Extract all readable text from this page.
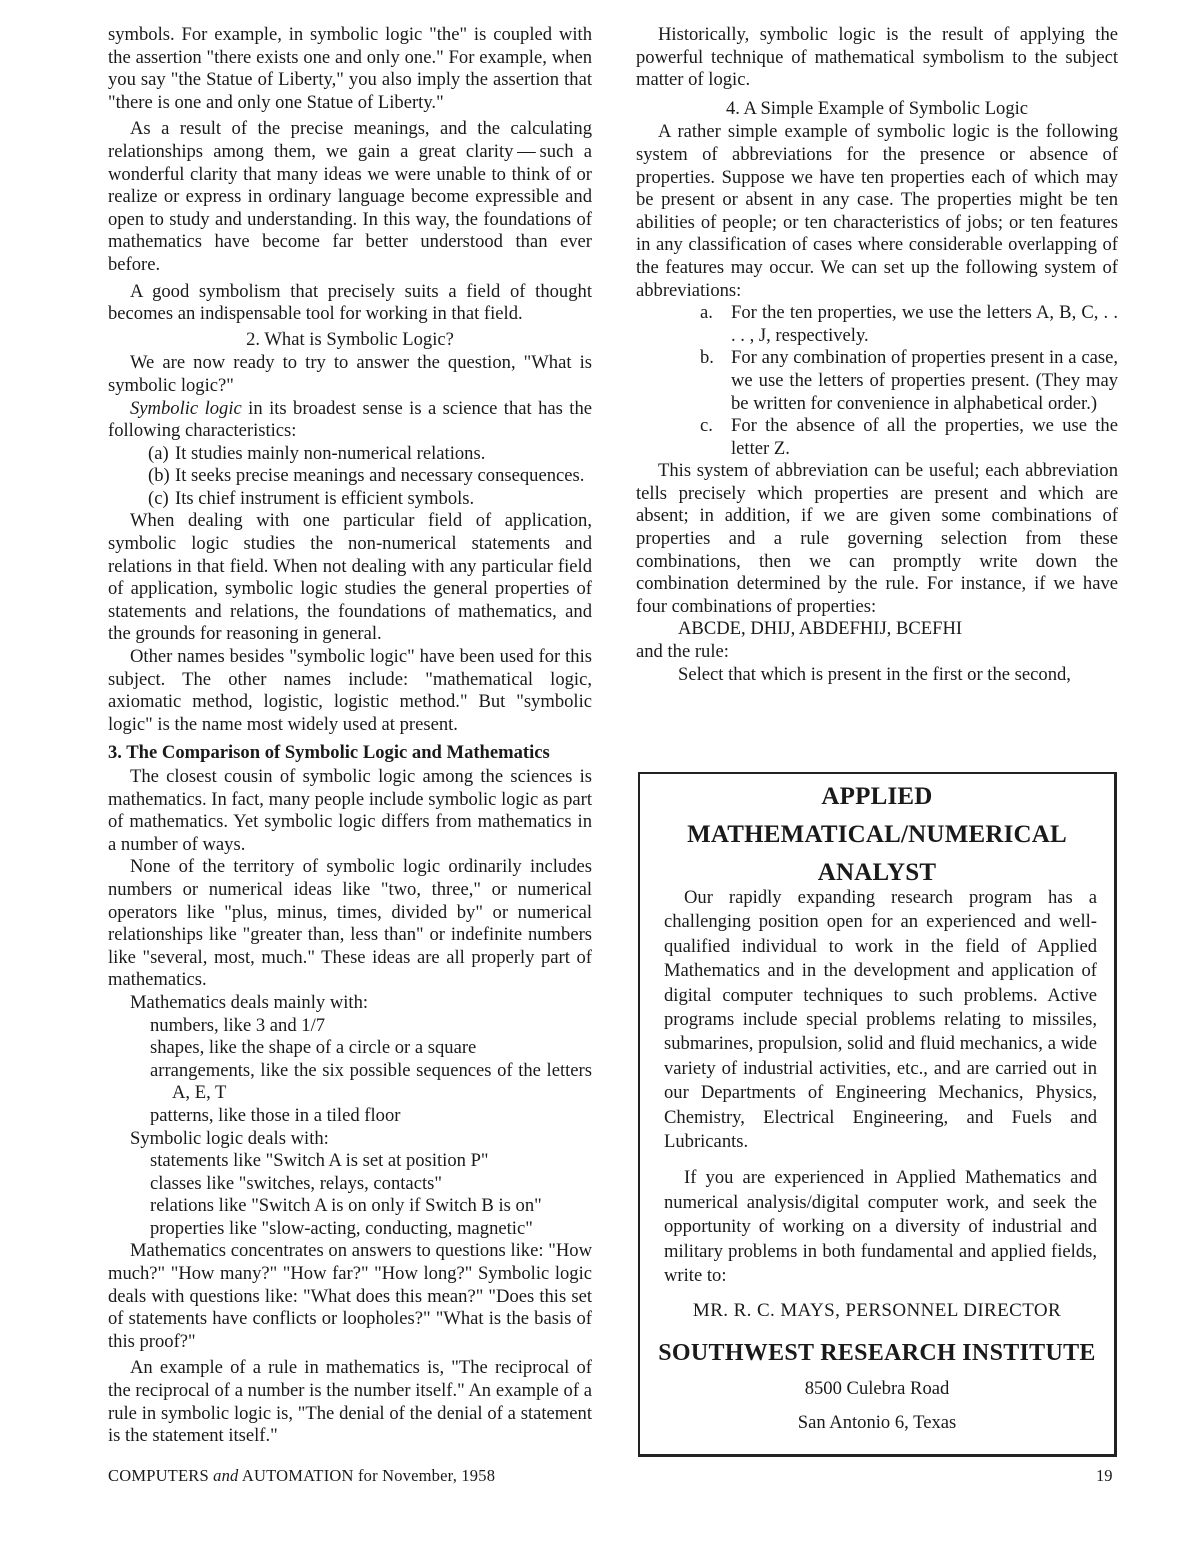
symbols. For example, in symbolic logic "the" is coupled with the assertion "there exists one and only one." For example, when you say "the Statue of Liberty," you also imply the assertion that "there is one and only one Statue of Liberty."

As a result of the precise meanings, and the calculating relationships among them, we gain a great clarity — such a wonderful clarity that many ideas we were unable to think of or realize or express in ordinary language become expressible and open to study and understanding. In this way, the foundations of mathematics have become far better understood than ever before.

A good symbolism that precisely suits a field of thought becomes an indispensable tool for working in that field.

2. What is Symbolic Logic?

We are now ready to try to answer the question, "What is symbolic logic?"

Symbolic logic in its broadest sense is a science that has the following characteristics:

(a) It studies mainly non-numerical relations.
(b) It seeks precise meanings and necessary consequences.
(c) Its chief instrument is efficient symbols.

When dealing with one particular field of application, symbolic logic studies the non-numerical statements and relations in that field. When not dealing with any particular field of application, symbolic logic studies the general properties of statements and relations, the foundations of mathematics, and the grounds for reasoning in general.

Other names besides "symbolic logic" have been used for this subject. The other names include: "mathematical logic, axiomatic method, logistic, logistic method." But "symbolic logic" is the name most widely used at present.

3. The Comparison of Symbolic Logic and Mathematics

The closest cousin of symbolic logic among the sciences is mathematics. In fact, many people include symbolic logic as part of mathematics. Yet symbolic logic differs from mathematics in a number of ways.

None of the territory of symbolic logic ordinarily includes numbers or numerical ideas like "two, three," or numerical operators like "plus, minus, times, divided by" or numerical relationships like "greater than, less than" or indefinite numbers like "several, most, much." These ideas are all properly part of mathematics.

Mathematics deals mainly with:
numbers, like 3 and 1/7
shapes, like the shape of a circle or a square
arrangements, like the six possible sequences of the letters A, E, T
patterns, like those in a tiled floor
Symbolic logic deals with:
statements like "Switch A is set at position P"
classes like "switches, relays, contacts"
relations like "Switch A is on only if Switch B is on"
properties like "slow-acting, conducting, magnetic"

Mathematics concentrates on answers to questions like: "How much?" "How many?" "How far?" "How long?" Symbolic logic deals with questions like: "What does this mean?" "Does this set of statements have conflicts or loopholes?" "What is the basis of this proof?"

An example of a rule in mathematics is, "The reciprocal of the reciprocal of a number is the number itself." An example of a rule in symbolic logic is, "The denial of the denial of a statement is the statement itself."

Historically, symbolic logic is the result of applying the powerful technique of mathematical symbolism to the subject matter of logic.

4. A Simple Example of Symbolic Logic

A rather simple example of symbolic logic is the following system of abbreviations for the presence or absence of properties. Suppose we have ten properties each of which may be present or absent in any case. The properties might be ten abilities of people; or ten characteristics of jobs; or ten features in any classification of cases where considerable overlapping of the features may occur. We can set up the following system of abbreviations:

a. For the ten properties, we use the letters A, B, C, . . . . , J, respectively.
b. For any combination of properties present in a case, we use the letters of properties present. (They may be written for convenience in alphabetical order.)
c. For the absence of all the properties, we use the letter Z.

This system of abbreviation can be useful; each abbreviation tells precisely which properties are present and which are absent; in addition, if we are given some combinations of properties and a rule governing selection from these combinations, then we can promptly write down the combination determined by the rule. For instance, if we have four combinations of properties:

ABCDE, DHIJ, ABDEFHIJ, BCEFHI
and the rule:
Select that which is present in the first or the second,
APPLIED
MATHEMATICAL/NUMERICAL
ANALYST

Our rapidly expanding research program has a challenging position open for an experienced and well-qualified individual to work in the field of Applied Mathematics and in the development and application of digital computer techniques to such problems. Active programs include special problems relating to missiles, submarines, propulsion, solid and fluid mechanics, a wide variety of industrial activities, etc., and are carried out in our Departments of Engineering Mechanics, Physics, Chemistry, Electrical Engineering, and Fuels and Lubricants.

If you are experienced in Applied Mathematics and numerical analysis/digital computer work, and seek the opportunity of working on a diversity of industrial and military problems in both fundamental and applied fields, write to:

MR. R. C. MAYS, PERSONNEL DIRECTOR
SOUTHWEST RESEARCH INSTITUTE
8500 Culebra Road
San Antonio 6, Texas
COMPUTERS and AUTOMATION for November, 1958	19
